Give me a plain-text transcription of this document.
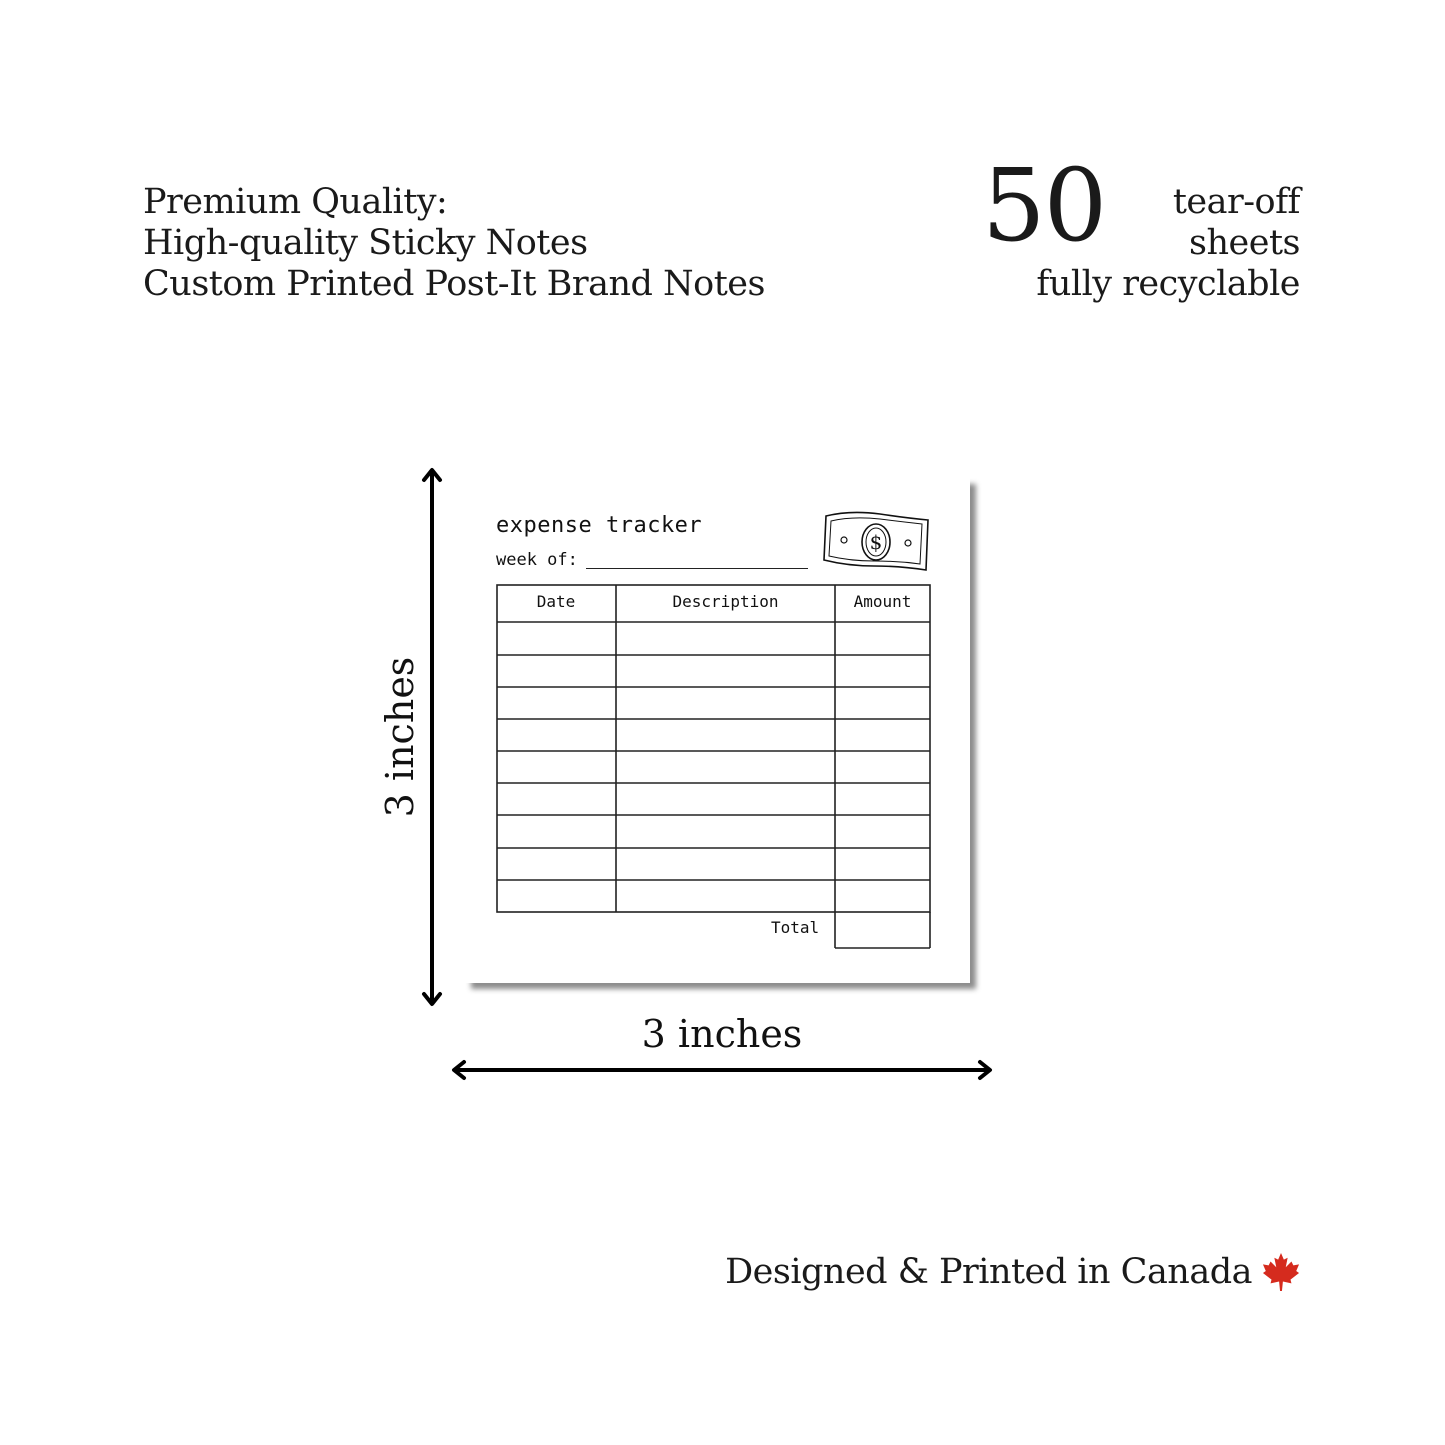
Premium Quality:
High-quality Sticky Notes
Custom Printed Post-It Brand Notes
50 tear-off
sheets
fully recyclable
3 inches
3 inches
expense tracker
week of:
$
Date	Description	Amount
Total
Designed & Printed in Canada
